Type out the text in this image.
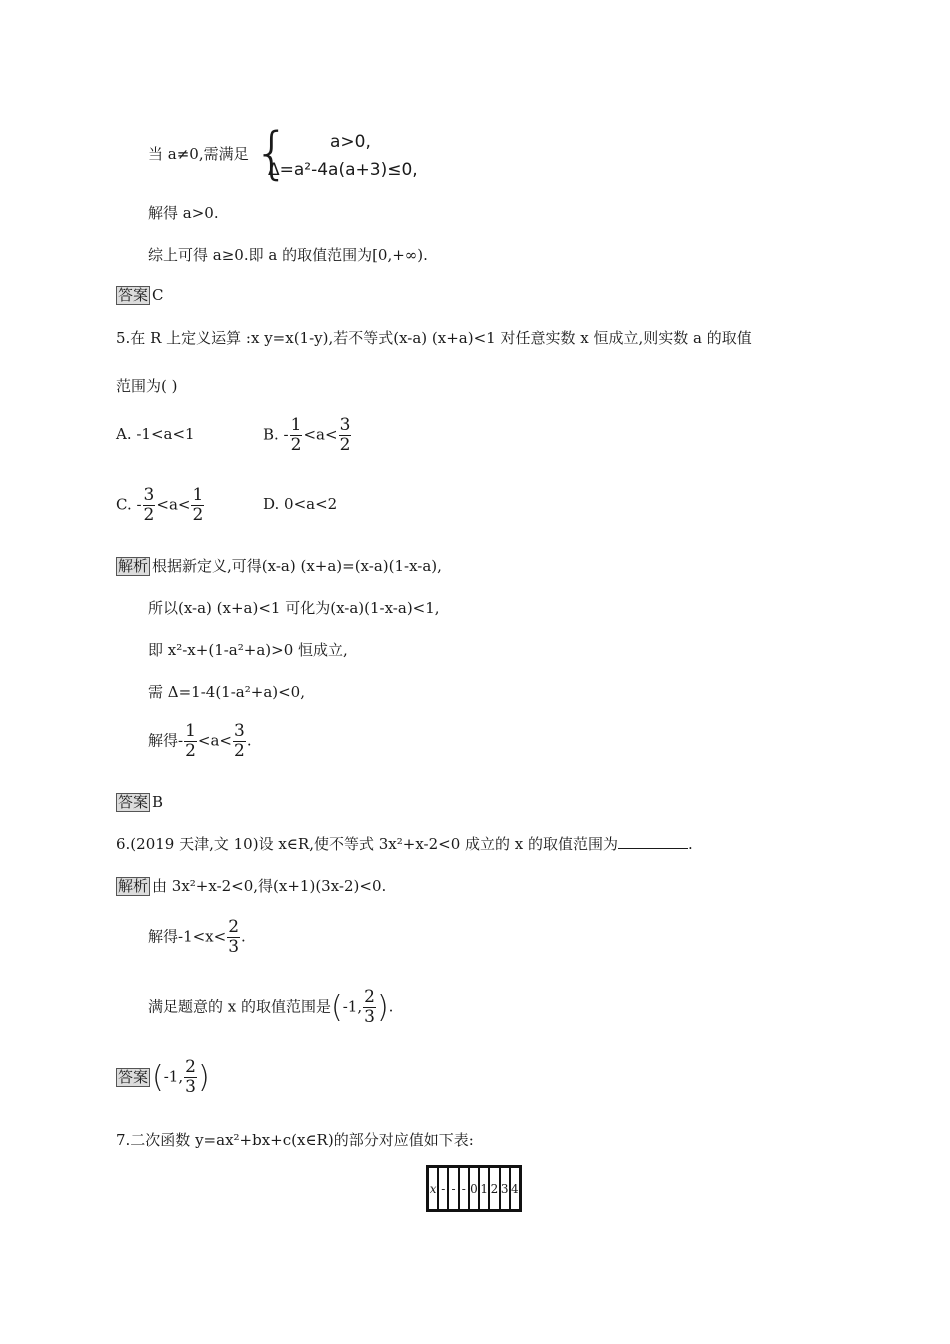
当 a≠0,需满足 { a>0,
Δ=a²-4a(a+3)≤0,
解得 a>0.
综上可得 a≥0.即 a 的取值范围为[0,+∞).
答案 C
5.在 R 上定义运算 :x y=x(1-y),若不等式(x-a) (x+a)<1 对任意实数 x 恒成立,则实数 a 的取值
范围为( )
A. -1<a<1	B. - $\frac{1}{2} <a< \frac{3}{2}$
C. - $\frac{3}{2} <a< \frac{1}{2}$	D. 0<a<2
解析 根据新定义,可得(x-a) (x+a)=(x-a)(1-x-a),
所以(x-a) (x+a)<1 可化为(x-a)(1-x-a)<1,
即 x²-x+(1-a²+a)>0 恒成立,
需 Δ=1-4(1-a²+a)<0,
解得- $\frac{1}{2} <a< \frac{3}{2}$ .
答案 B
6.(2019 天津,文 10)设 x∈R,使不等式 3x²+x-2<0 成立的 x 的取值范围为	.
解析 由 3x²+x-2<0,得(x+1)(3x-2)<0.
解得$-1<x< \frac{2}{3}$ .
满足题意的 x 的取值范围是(-1, $\frac{2}{3}$ ).
答案 (-1, $\frac{2}{3}$ )
7.二次函数 y=ax²+bx+c(x∈R)的部分对应值如下表:
x - - - 0 1 2 3 4
